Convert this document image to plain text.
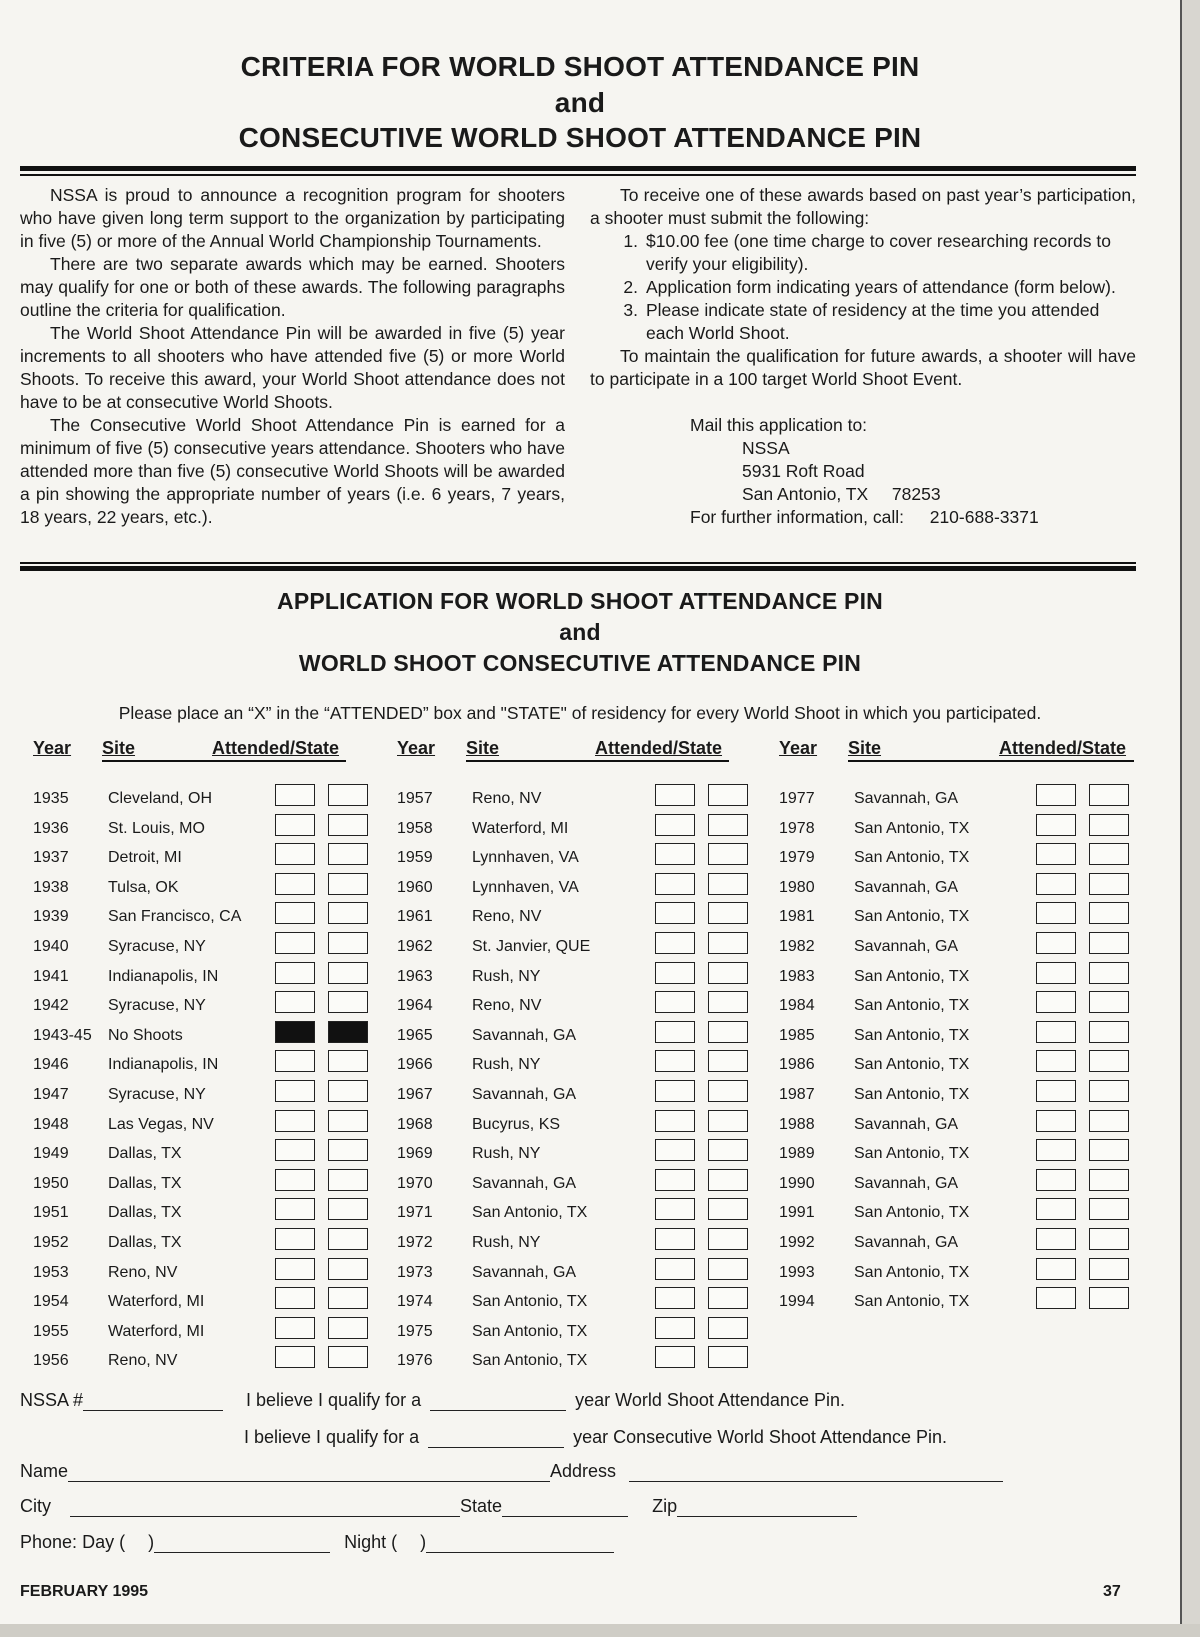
CRITERIA FOR WORLD SHOOT ATTENDANCE PIN
and
CONSECUTIVE WORLD SHOOT ATTENDANCE PIN

NSSA is proud to announce a recognition program for shooters who have given long term support to the organization by participating in five (5) or more of the Annual World Championship Tournaments.

There are two separate awards which may be earned. Shooters may qualify for one or both of these awards. The following paragraphs outline the criteria for qualification.

The World Shoot Attendance Pin will be awarded in five (5) year increments to all shooters who have attended five (5) or more World Shoots. To receive this award, your World Shoot attendance does not have to be at consecutive World Shoots.

The Consecutive World Shoot Attendance Pin is earned for a minimum of five (5) consecutive years attendance. Shooters who have attended more than five (5) consecutive World Shoots will be awarded a pin showing the appropriate number of years (i.e. 6 years, 7 years, 18 years, 22 years, etc.).

To receive one of these awards based on past year’s participation, a shooter must submit the following:

1. $10.00 fee (one time charge to cover researching records to verify your eligibility).
2. Application form indicating years of attendance (form below).
3. Please indicate state of residency at the time you attended each World Shoot.

To maintain the qualification for future awards, a shooter will have to participate in a 100 target World Shoot Event.

Mail this application to:
NSSA
5931 Roft Road
San Antonio, TX 78253
For further information, call: 210-688-3371
APPLICATION FOR WORLD SHOOT ATTENDANCE PIN
and
WORLD SHOOT CONSECUTIVE ATTENDANCE PIN
Please place an “X” in the “ATTENDED” box and "STATE" of residency for every World Shoot in which you participated.
Year Site	Attended/State	Year Site	Attended/State	Year Site	Attended/State
1935 Cleveland, OH
1936 St. Louis, MO
1937 Detroit, MI
1938 Tulsa, OK
1939 San Francisco, CA
1940 Syracuse, NY
1941 Indianapolis, IN
1942 Syracuse, NY
1943-45 No Shoots
1946 Indianapolis, IN
1947 Syracuse, NY
1948 Las Vegas, NV
1949 Dallas, TX
1950 Dallas, TX
1951 Dallas, TX
1952 Dallas, TX
1953 Reno, NV
1954 Waterford, MI
1955 Waterford, MI
1956 Reno, NV
1957 Reno, NV
1958 Waterford, MI
1959 Lynnhaven, VA
1960 Lynnhaven, VA
1961 Reno, NV
1962 St. Janvier, QUE
1963 Rush, NY
1964 Reno, NV
1965 Savannah, GA
1966 Rush, NY
1967 Savannah, GA
1968 Bucyrus, KS
1969 Rush, NY
1970 Savannah, GA
1971 San Antonio, TX
1972 Rush, NY
1973 Savannah, GA
1974 San Antonio, TX
1975 San Antonio, TX
1976 San Antonio, TX
1977 Savannah, GA
1978 San Antonio, TX
1979 San Antonio, TX
1980 Savannah, GA
1981 San Antonio, TX
1982 Savannah, GA
1983 San Antonio, TX
1984 San Antonio, TX
1985 San Antonio, TX
1986 San Antonio, TX
1987 San Antonio, TX
1988 Savannah, GA
1989 San Antonio, TX
1990 Savannah, GA
1991 San Antonio, TX
1992 Savannah, GA
1993 San Antonio, TX
1994 San Antonio, TX
NSSA #	I believe I qualify for a	year World Shoot Attendance Pin.
I believe I qualify for a	year Consecutive World Shoot Attendance Pin.
Name	Address
City	State	Zip
Phone: Day ( )	Night ( )
FEBRUARY 1995	37
